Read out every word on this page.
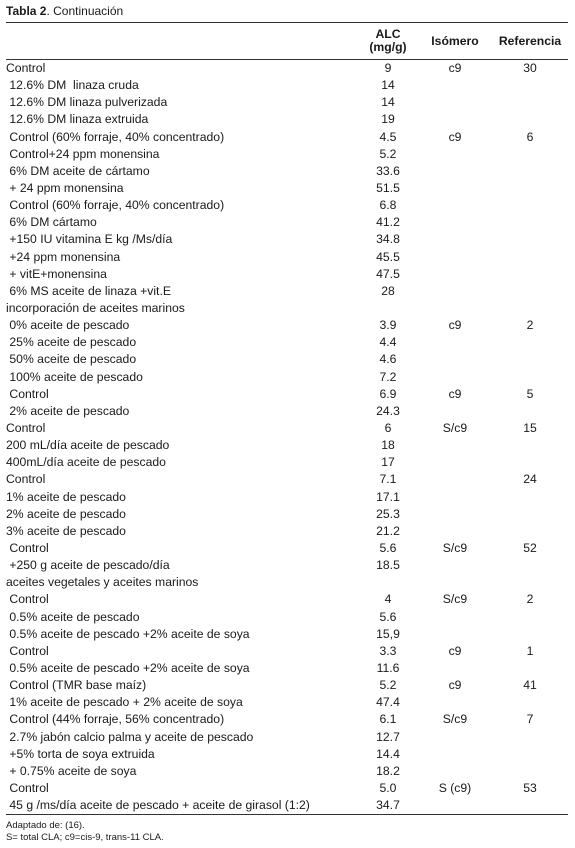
Tabla 2. Continuación
	ALC
(mg/g)	Isómero	Referencia
Control	9	c9	30
12.6% DM  linaza cruda	14		
12.6% DM linaza pulverizada	14		
12.6% DM linaza extruida	19		
Control (60% forraje, 40% concentrado)	4.5	c9	6
Control+24 ppm monensina	5.2		
6% DM aceite de cártamo	33.6		
+ 24 ppm monensina	51.5		
Control (60% forraje, 40% concentrado)	6.8		
6% DM cártamo	41.2		
+150 IU vitamina E kg /Ms/día	34.8		
+24 ppm monensina	45.5		
+ vitE+monensina	47.5		
6% MS aceite de linaza +vit.E	28		
incorporación de aceites marinos			
0% aceite de pescado	3.9	c9	2
25% aceite de pescado	4.4		
50% aceite de pescado	4.6		
100% aceite de pescado	7.2		
Control	6.9	c9	5
2% aceite de pescado	24.3		
Control	6	S/c9	15
200 mL/día aceite de pescado	18		
400mL/día aceite de pescado	17		
Control	7.1		24
1% aceite de pescado	17.1		
2% aceite de pescado	25.3		
3% aceite de pescado	21.2		
Control	5.6	S/c9	52
+250 g aceite de pescado/día	18.5		
aceites vegetales y aceites marinos			
Control	4	S/c9	2
0.5% aceite de pescado	5.6		
0.5% aceite de pescado +2% aceite de soya	15,9		
Control	3.3	c9	1
0.5% aceite de pescado +2% aceite de soya	11.6		
Control (TMR base maíz)	5.2	c9	41
1% aceite de pescado + 2% aceite de soya	47.4		
Control (44% forraje, 56% concentrado)	6.1	S/c9	7
2.7% jabón calcio palma y aceite de pescado	12.7		
+5% torta de soya extruida	14.4		
+ 0.75% aceite de soya	18.2		
Control	5.0	S (c9)	53
45 g /ms/día aceite de pescado + aceite de girasol (1:2)	34.7		
Adaptado de: (16).
S= total CLA; c9=cis-9, trans-11 CLA.
